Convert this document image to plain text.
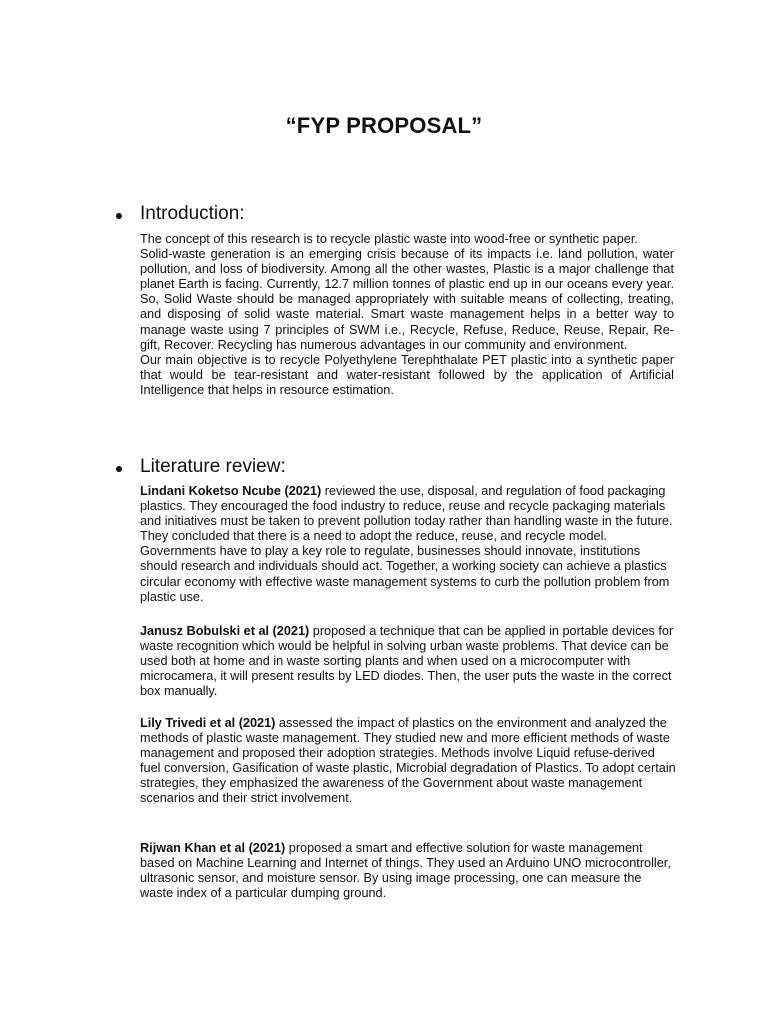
“FYP PROPOSAL”
Introduction:

The concept of this research is to recycle plastic waste into wood-free or synthetic paper.

Solid-waste generation is an emerging crisis because of its impacts i.e. land pollution, water pollution, and loss of biodiversity. Among all the other wastes, Plastic is a major challenge that planet Earth is facing. Currently, 12.7 million tonnes of plastic end up in our oceans every year. So, Solid Waste should be managed appropriately with suitable means of collecting, treating, and disposing of solid waste material. Smart waste management helps in a better way to manage waste using 7 principles of SWM i.e., Recycle, Refuse, Reduce, Reuse, Repair, Re-gift, Recover. Recycling has numerous advantages in our community and environment.

Our main objective is to recycle Polyethylene Terephthalate PET plastic into a synthetic paper that would be tear-resistant and water-resistant followed by the application of Artificial Intelligence that helps in resource estimation.

Literature review:
Lindani Koketso Ncube (2021) reviewed the use, disposal, and regulation of food packaging plastics. They encouraged the food industry to reduce, reuse and recycle packaging materials and initiatives must be taken to prevent pollution today rather than handling waste in the future. They concluded that there is a need to adopt the reduce, reuse, and recycle model. Governments have to play a key role to regulate, businesses should innovate, institutions should research and individuals should act. Together, a working society can achieve a plastics circular economy with effective waste management systems to curb the pollution problem from plastic use.
Janusz Bobulski et al (2021) proposed a technique that can be applied in portable devices for waste recognition which would be helpful in solving urban waste problems. That device can be used both at home and in waste sorting plants and when used on a microcomputer with microcamera, it will present results by LED diodes. Then, the user puts the waste in the correct box manually.
Lily Trivedi et al (2021) assessed the impact of plastics on the environment and analyzed the methods of plastic waste management. They studied new and more efficient methods of waste management and proposed their adoption strategies. Methods involve Liquid refuse-derived fuel conversion, Gasification of waste plastic, Microbial degradation of Plastics. To adopt certain strategies, they emphasized the awareness of the Government about waste management scenarios and their strict involvement.
Rijwan Khan et al (2021) proposed a smart and effective solution for waste management based on Machine Learning and Internet of things. They used an Arduino UNO microcontroller, ultrasonic sensor, and moisture sensor. By using image processing, one can measure the waste index of a particular dumping ground.
